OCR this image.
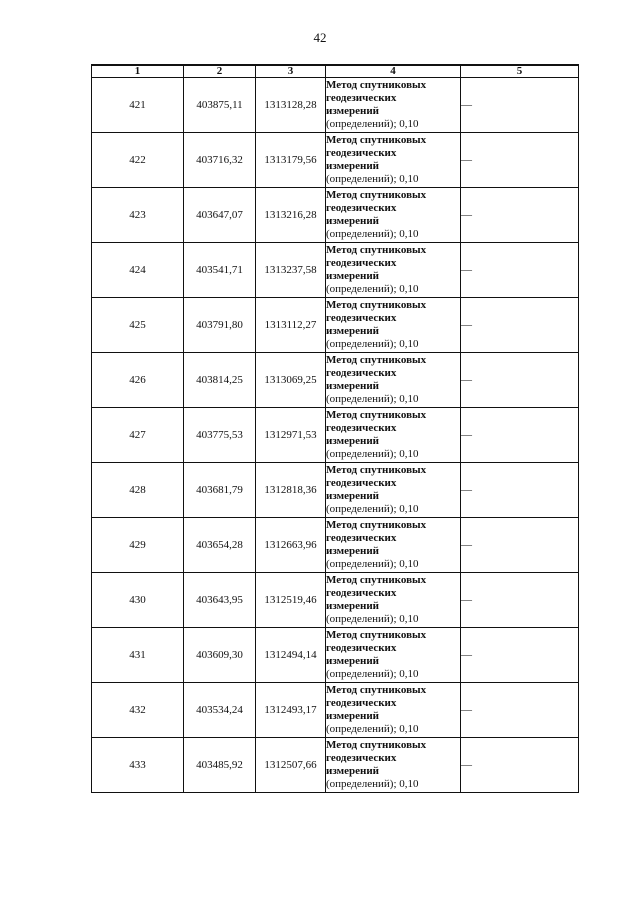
42
1	2	3	4	5
421	403875,11	1313128,28	Метод спутниковых
геодезических
измерений
(определений); 0,10	—
422	403716,32	1313179,56	Метод спутниковых
геодезических
измерений
(определений); 0,10	—
423	403647,07	1313216,28	Метод спутниковых
геодезических
измерений
(определений); 0,10	—
424	403541,71	1313237,58	Метод спутниковых
геодезических
измерений
(определений); 0,10	—
425	403791,80	1313112,27	Метод спутниковых
геодезических
измерений
(определений); 0,10	—
426	403814,25	1313069,25	Метод спутниковых
геодезических
измерений
(определений); 0,10	—
427	403775,53	1312971,53	Метод спутниковых
геодезических
измерений
(определений); 0,10	—
428	403681,79	1312818,36	Метод спутниковых
геодезических
измерений
(определений); 0,10	—
429	403654,28	1312663,96	Метод спутниковых
геодезических
измерений
(определений); 0,10	—
430	403643,95	1312519,46	Метод спутниковых
геодезических
измерений
(определений); 0,10	—
431	403609,30	1312494,14	Метод спутниковых
геодезических
измерений
(определений); 0,10	—
432	403534,24	1312493,17	Метод спутниковых
геодезических
измерений
(определений); 0,10	—
433	403485,92	1312507,66	Метод спутниковых
геодезических
измерений
(определений); 0,10	—
